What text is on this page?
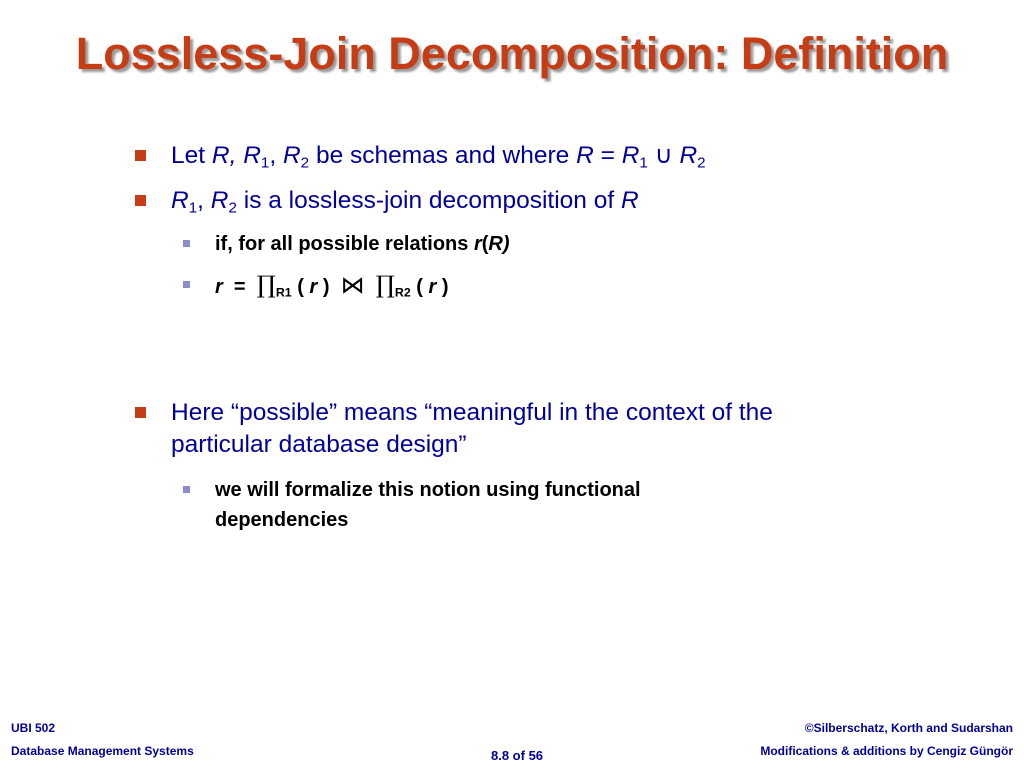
Lossless-Join Decomposition: Definition
Let R, $R_1$, $R_2$ be schemas and where $R = R_1$ ∪ $R_2$
$R_1$, $R_2$ is a lossless-join decomposition of R
if, for all possible relations r(R)
$r = \prod_{R1}$ ( r ) ⋈ $\prod_{R2}$ ( r )
Here “possible” means “meaningful in the context of the
particular database design”
we will formalize this notion using functional
dependencies
UBI 502
Database Management Systems	8.8 of 56
©Silberschatz, Korth and Sudarshan
Modifications & additions by Cengiz Güngör
